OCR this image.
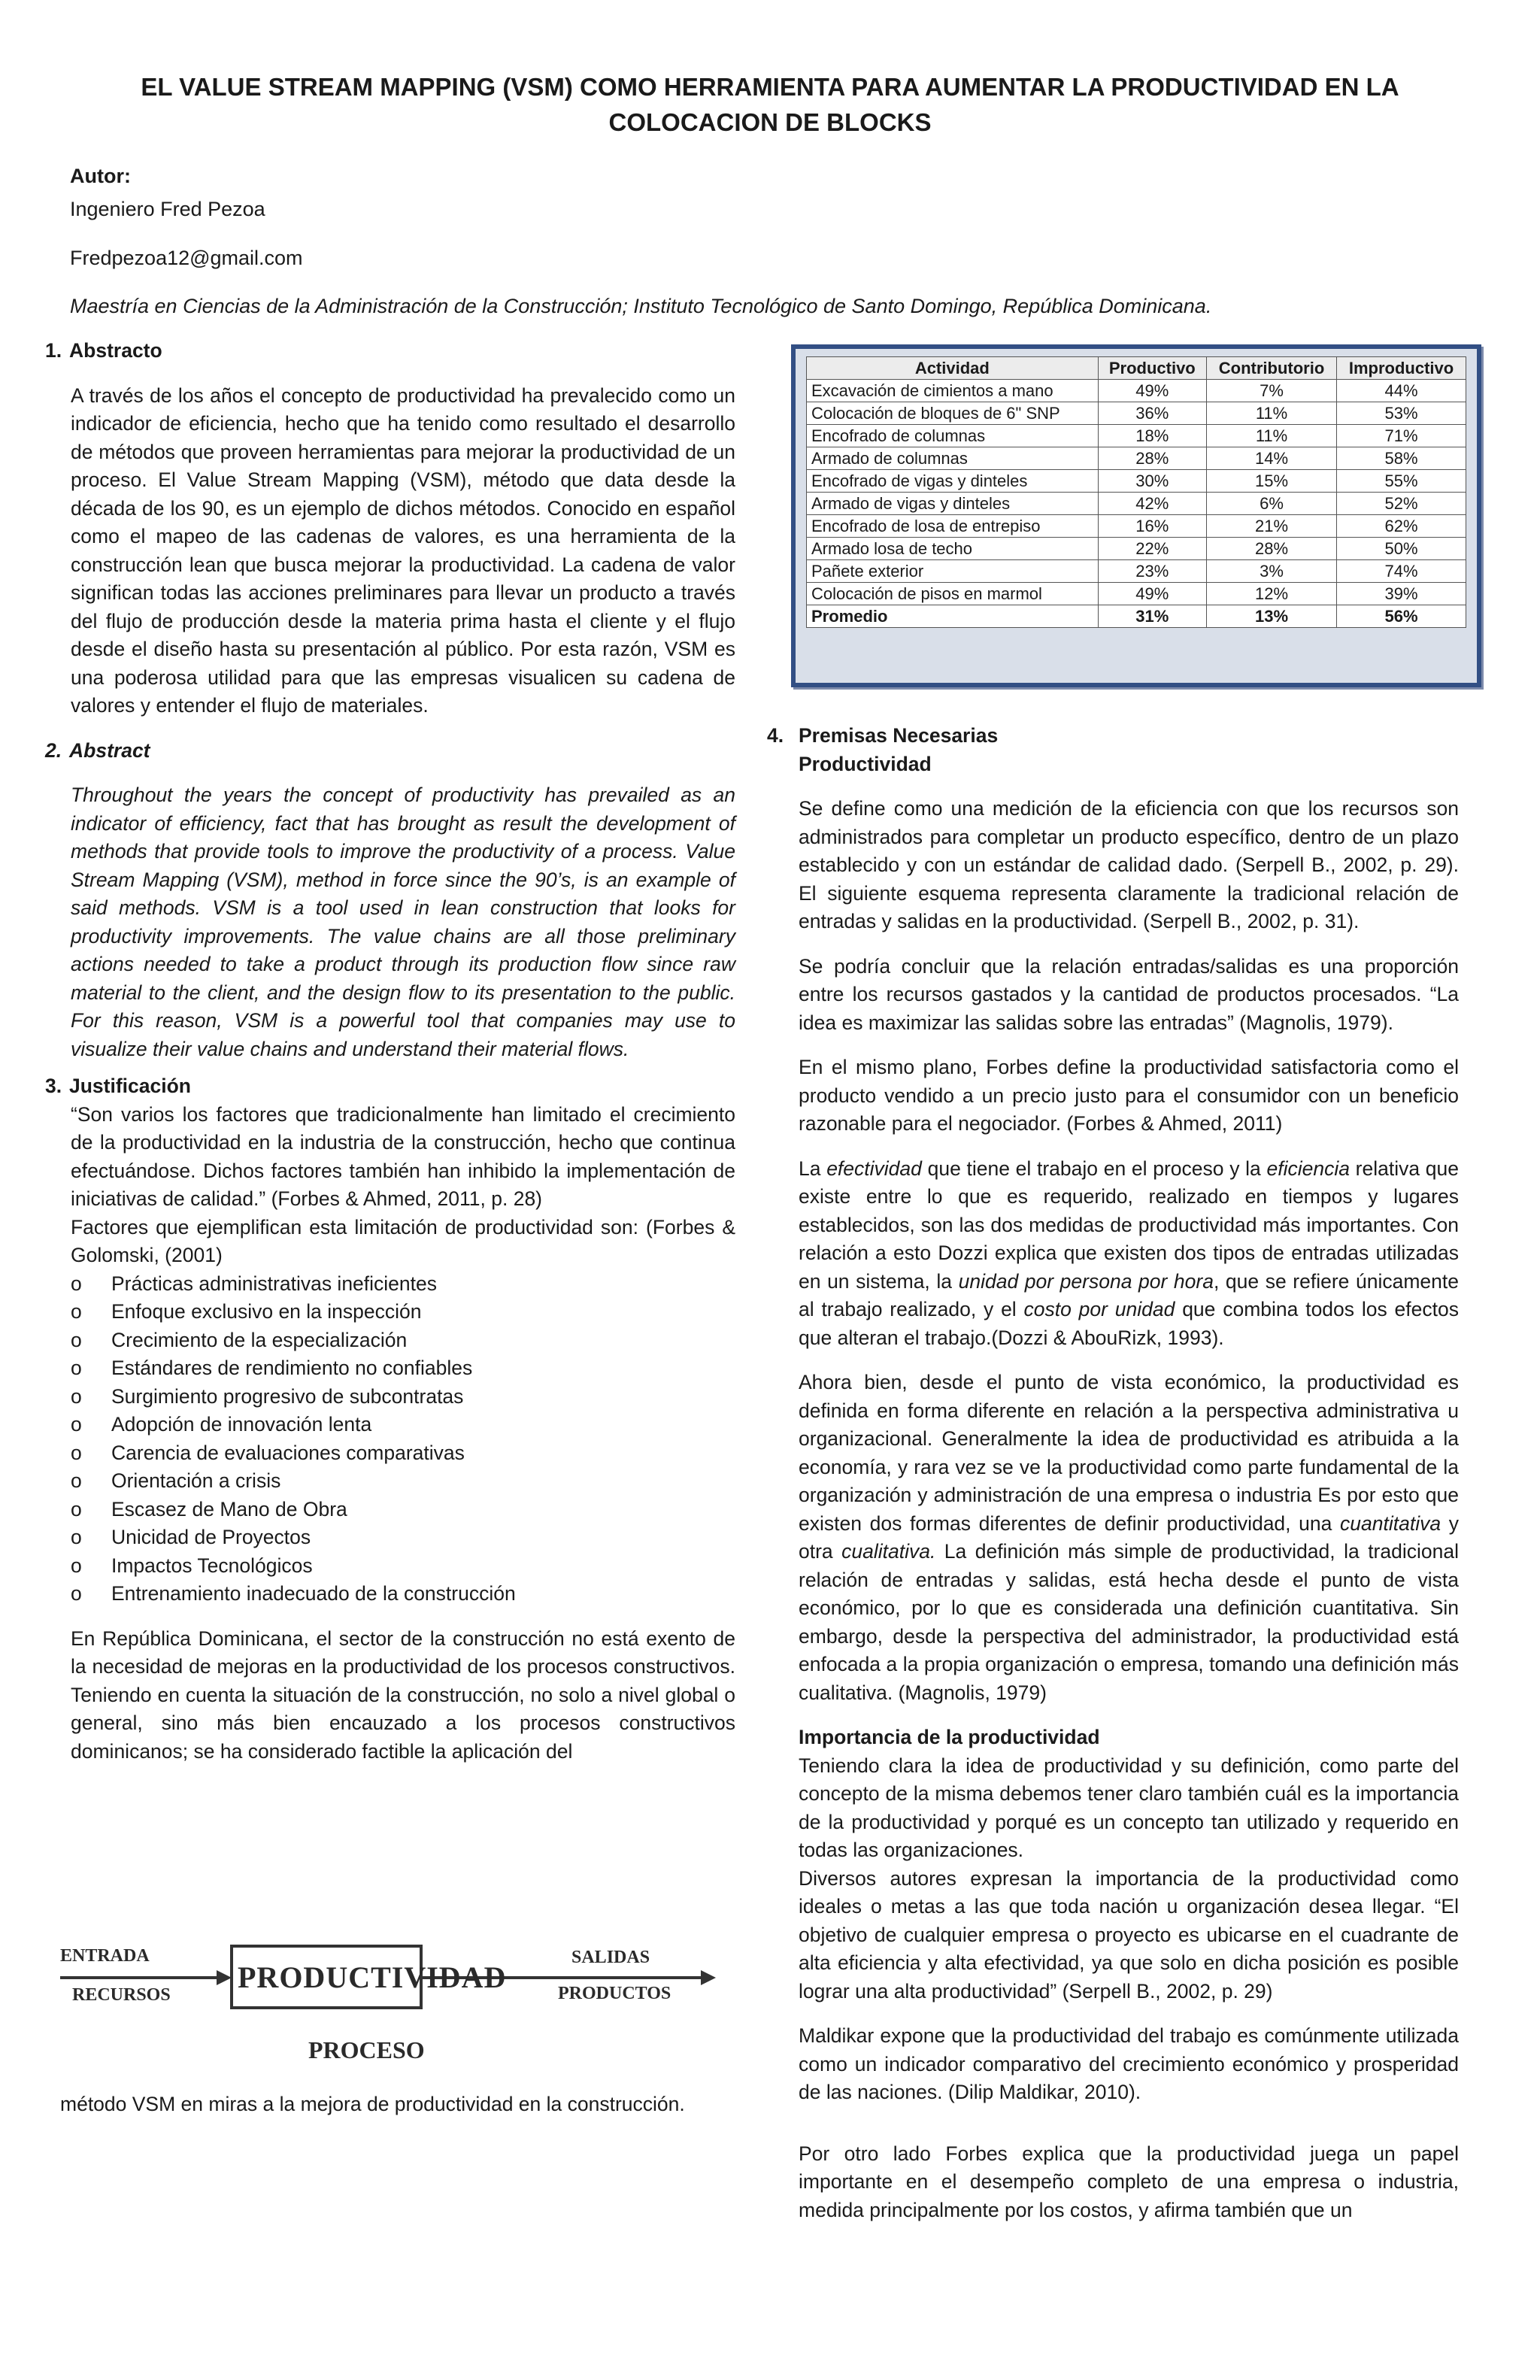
EL VALUE STREAM MAPPING (VSM) COMO HERRAMIENTA PARA AUMENTAR LA PRODUCTIVIDAD EN LA COLOCACION DE BLOCKS
Autor:
Ingeniero Fred Pezoa
Fredpezoa12@gmail.com
Maestría en Ciencias de la Administración de la Construcción; Instituto Tecnológico de Santo Domingo, República Dominicana.
1. Abstracto

A través de los años el concepto de productividad ha prevalecido como un indicador de eficiencia, hecho que ha tenido como resultado el desarrollo de métodos que proveen herramientas para mejorar la productividad de un proceso. El Value Stream Mapping (VSM), método que data desde la década de los 90, es un ejemplo de dichos métodos. Conocido en español como el mapeo de las cadenas de valores, es una herramienta de la construcción lean que busca mejorar la productividad. La cadena de valor significan todas las acciones preliminares para llevar un producto a través del flujo de producción desde la materia prima hasta el cliente y el flujo desde el diseño hasta su presentación al público. Por esta razón, VSM es una poderosa utilidad para que las empresas visualicen su cadena de valores y entender el flujo de materiales.

2. Abstract

Throughout the years the concept of productivity has prevailed as an indicator of efficiency, fact that has brought as result the development of methods that provide tools to improve the productivity of a process. Value Stream Mapping (VSM), method in force since the 90’s, is an example of said methods. VSM is a tool used in lean construction that looks for productivity improvements. The value chains are all those preliminary actions needed to take a product through its production flow since raw material to the client, and the design flow to its presentation to the public. For this reason, VSM is a powerful tool that companies may use to visualize their value chains and understand their material flows.

3. Justificación

“Son varios los factores que tradicionalmente han limitado el crecimiento de la productividad en la industria de la construcción, hecho que continua efectuándose. Dichos factores también han inhibido la implementación de iniciativas de calidad.” (Forbes & Ahmed, 2011, p. 28)

Factores que ejemplifican esta limitación de productividad son: (Forbes & Golomski, (2001)

o	Prácticas administrativas ineficientes
o	Enfoque exclusivo en la inspección
o	Crecimiento de la especialización
o	Estándares de rendimiento no confiables
o	Surgimiento progresivo de subcontratas
o	Adopción de innovación lenta
o	Carencia de evaluaciones comparativas
o	Orientación a crisis
o	Escasez de Mano de Obra
o	Unicidad de Proyectos
o	Impactos Tecnológicos
o	Entrenamiento inadecuado de la construcción

En República Dominicana, el sector de la construcción no está exento de la necesidad de mejoras en la productividad de los procesos constructivos. Teniendo en cuenta la situación de la construcción, no solo a nivel global o general, sino más bien encauzado a los procesos constructivos dominicanos; se ha considerado factible la aplicación del

ENTRADA
RECURSOS
PRODUCTIVIDAD
SALIDAS
PRODUCTOS
PROCESO
método VSM en miras a la mejora de productividad en la construcción.
Actividad	Productivo	Contributorio	Improductivo
Excavación de cimientos a mano	49%	7%	44%
Colocación de bloques de 6" SNP	36%	11%	53%
Encofrado de columnas	18%	11%	71%
Armado de columnas	28%	14%	58%
Encofrado de vigas y dinteles	30%	15%	55%
Armado de vigas y dinteles	42%	6%	52%
Encofrado de losa de entrepiso	16%	21%	62%
Armado losa de techo	22%	28%	50%
Pañete exterior	23%	3%	74%
Colocación de pisos en marmol	49%	12%	39%
Promedio	31%	13%	56%
4. Premisas Necesarias
Productividad

Se define como una medición de la eficiencia con que los recursos son administrados para completar un producto específico, dentro de un plazo establecido y con un estándar de calidad dado. (Serpell B., 2002, p. 29). El siguiente esquema representa claramente la tradicional relación de entradas y salidas en la productividad. (Serpell B., 2002, p. 31).

Se podría concluir que la relación entradas/salidas es una proporción entre los recursos gastados y la cantidad de productos procesados. “La idea es maximizar las salidas sobre las entradas” (Magnolis, 1979).

En el mismo plano, Forbes define la productividad satisfactoria como el producto vendido a un precio justo para el consumidor con un beneficio razonable para el negociador. (Forbes & Ahmed, 2011)

La efectividad que tiene el trabajo en el proceso y la eficiencia relativa que existe entre lo que es requerido, realizado en tiempos y lugares establecidos, son las dos medidas de productividad más importantes. Con relación a esto Dozzi explica que existen dos tipos de entradas utilizadas en un sistema, la unidad por persona por hora, que se refiere únicamente al trabajo realizado, y el costo por unidad que combina todos los efectos que alteran el trabajo.(Dozzi & AbouRizk, 1993).

Ahora bien, desde el punto de vista económico, la productividad es definida en forma diferente en relación a la perspectiva administrativa u organizacional. Generalmente la idea de productividad es atribuida a la economía, y rara vez se ve la productividad como parte fundamental de la organización y administración de una empresa o industria Es por esto que existen dos formas diferentes de definir productividad, una cuantitativa y otra cualitativa. La definición más simple de productividad, la tradicional relación de entradas y salidas, está hecha desde el punto de vista económico, por lo que es considerada una definición cuantitativa. Sin embargo, desde la perspectiva del administrador, la productividad está enfocada a la propia organización o empresa, tomando una definición más cualitativa. (Magnolis, 1979)

Importancia de la productividad

Teniendo clara la idea de productividad y su definición, como parte del concepto de la misma debemos tener claro también cuál es la importancia de la productividad y porqué es un concepto tan utilizado y requerido en todas las organizaciones.

Diversos autores expresan la importancia de la productividad como ideales o metas a las que toda nación u organización desea llegar. “El objetivo de cualquier empresa o proyecto es ubicarse en el cuadrante de alta eficiencia y alta efectividad, ya que solo en dicha posición es posible lograr una alta productividad” (Serpell B., 2002, p. 29)

Maldikar expone que la productividad del trabajo es comúnmente utilizada como un indicador comparativo del crecimiento económico y prosperidad de las naciones. (Dilip Maldikar, 2010).

Por otro lado Forbes explica que la productividad juega un papel importante en el desempeño completo de una empresa o industria, medida principalmente por los costos, y afirma también que un
